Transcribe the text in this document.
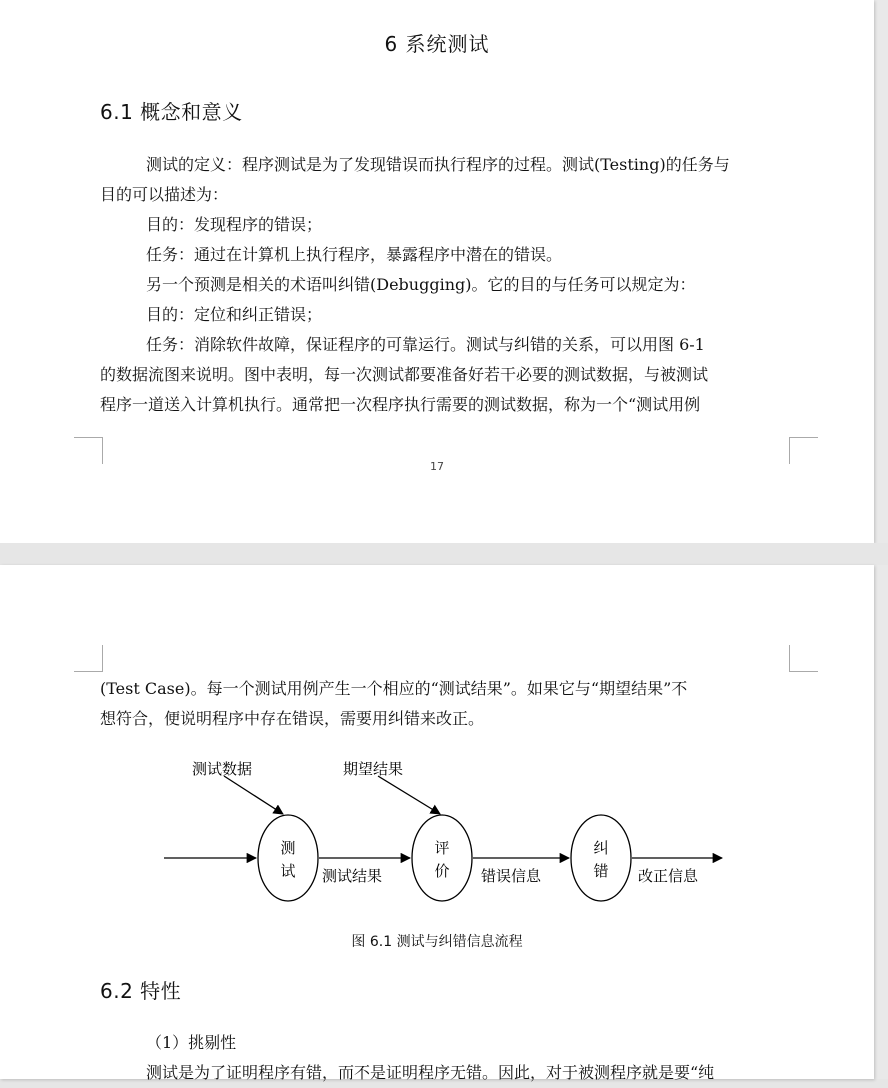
6 系统测试
6.1 概念和意义
测试的定义：程序测试是为了发现错误而执行程序的过程。测试(Testing)的任务与
目的可以描述为：
目的：发现程序的错误；
任务：通过在计算机上执行程序，暴露程序中潜在的错误。
另一个预测是相关的术语叫纠错(Debugging)。它的目的与任务可以规定为：
目的：定位和纠正错误；
任务：消除软件故障，保证程序的可靠运行。测试与纠错的关系，可以用图 6-1
的数据流图来说明。图中表明，每一次测试都要准备好若干必要的测试数据，与被测试
程序一道送入计算机执行。通常把一次程序执行需要的测试数据，称为一个“测试用例
17
(Test Case)。每一个测试用例产生一个相应的“测试结果”。如果它与“期望结果”不
想符合，便说明程序中存在错误，需要用纠错来改正。
测试数据	期望结果
测
试
评
价
纠
错
测试结果	错误信息	改正信息
图 6.1 测试与纠错信息流程
6.2 特性
（1）挑剔性
测试是为了证明程序有错，而不是证明程序无错。因此，对于被测程序就是要“纯
